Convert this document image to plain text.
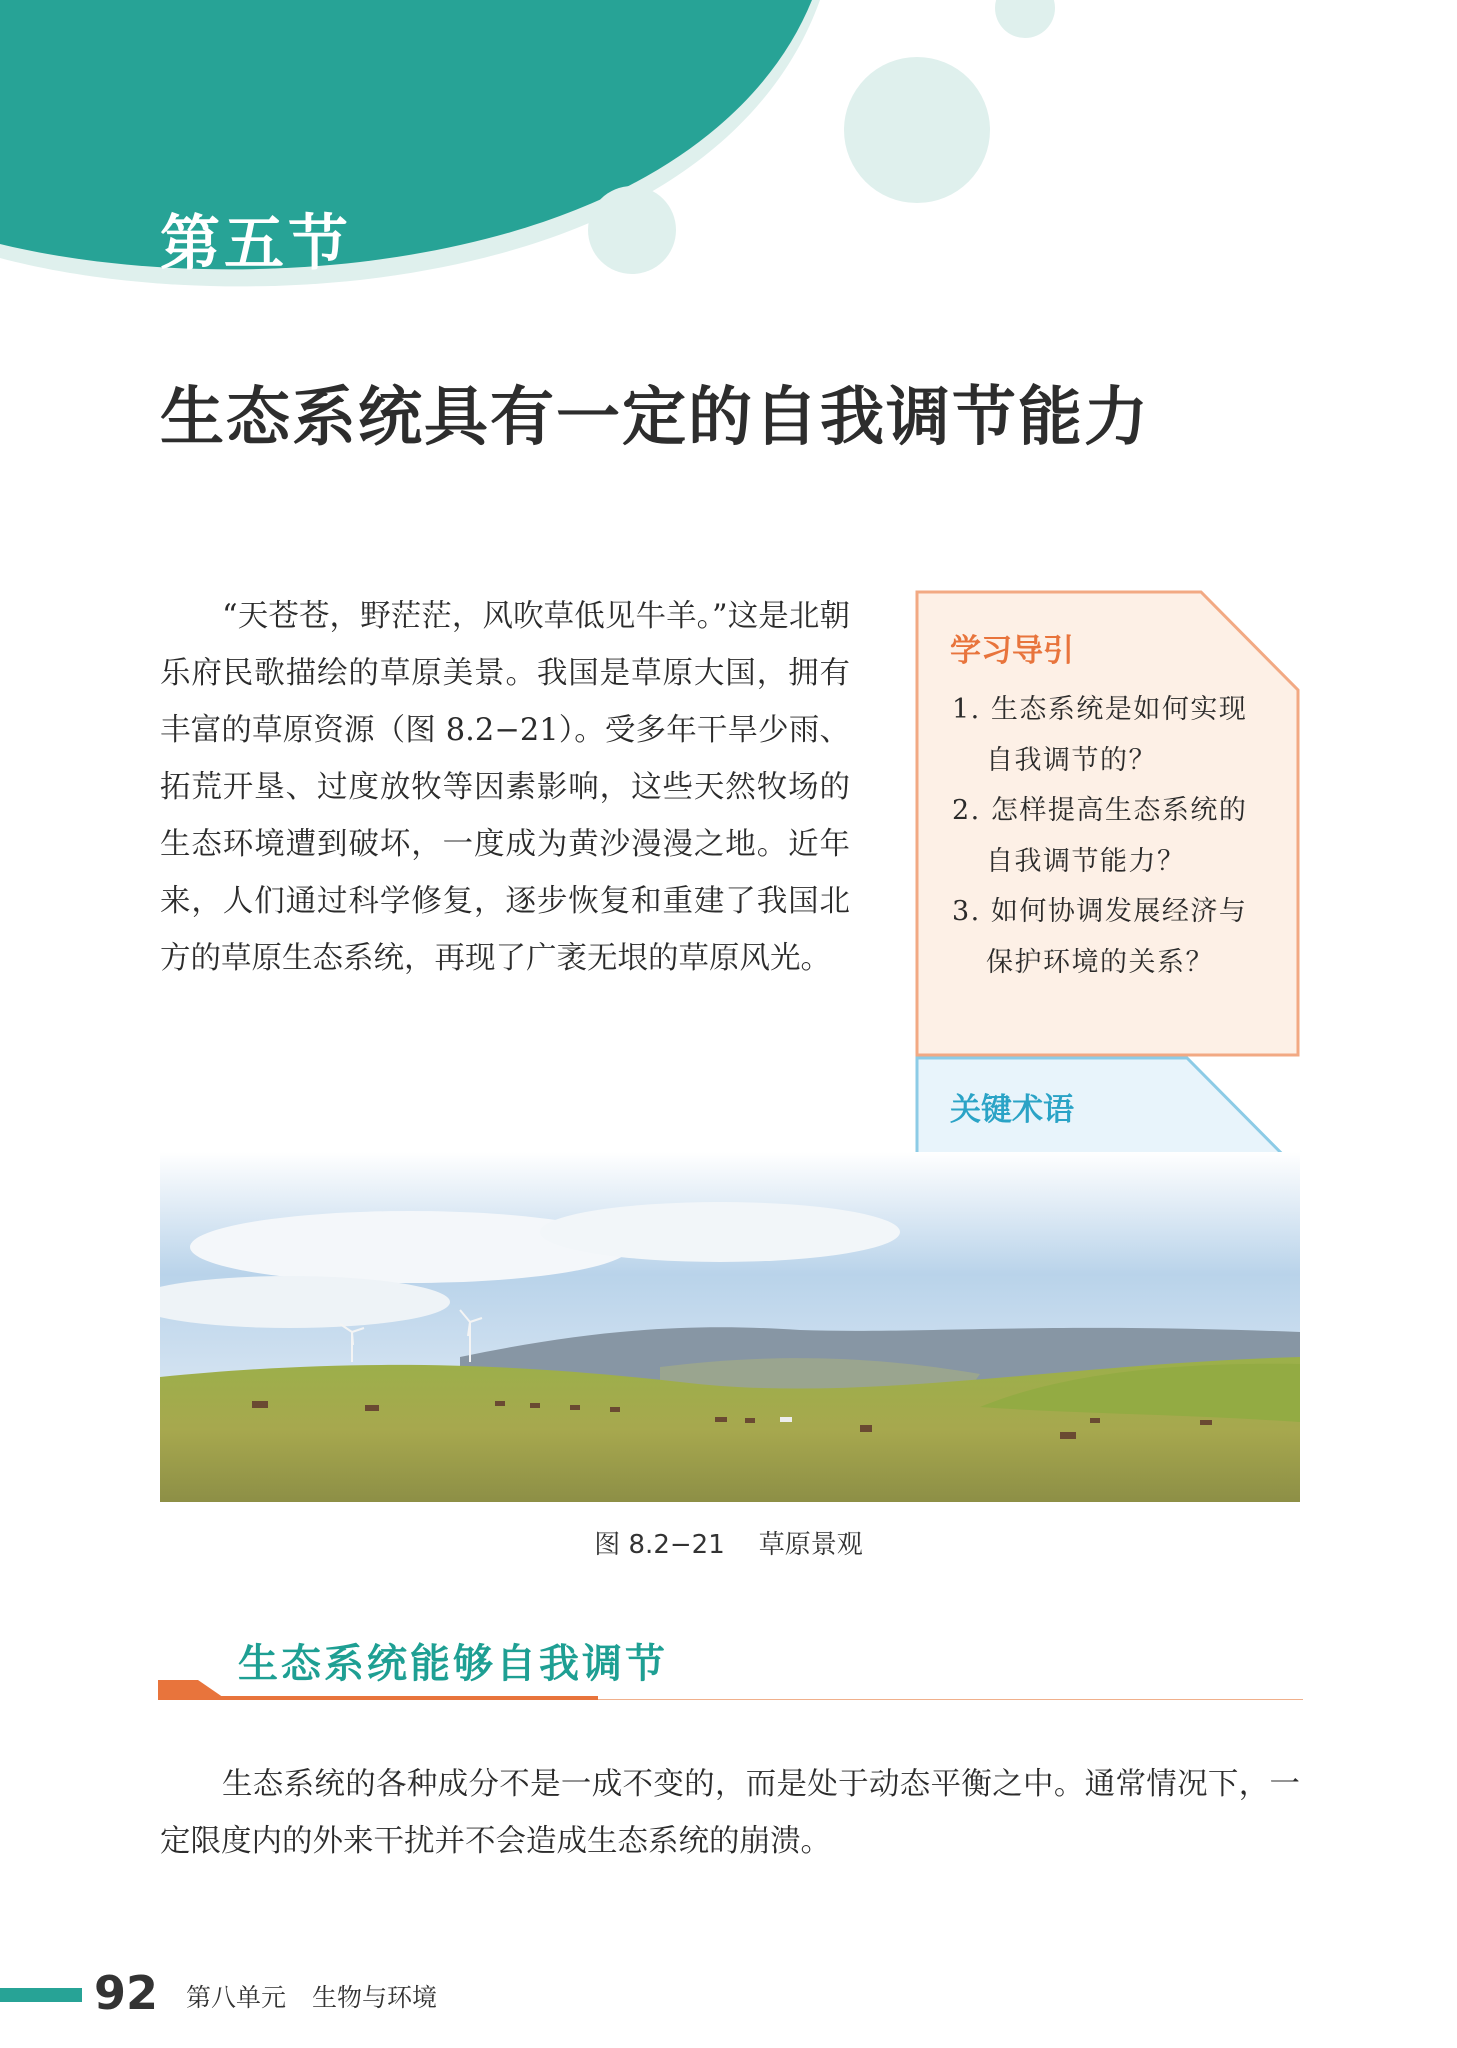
第五节
生态系统具有一定的自我调节能力

“天苍苍，野茫茫，风吹草低见牛羊。”这是北朝乐府民歌描绘的草原美景。我国是草原大国，拥有丰富的草原资源（图 8.2−21）。受多年干旱少雨、拓荒开垦、过度放牧等因素影响，这些天然牧场的生态环境遭到破坏，一度成为黄沙漫漫之地。近年来，人们通过科学修复，逐步恢复和重建了我国北方的草原生态系统，再现了广袤无垠的草原风光。

学习导引
1. 生态系统是如何实现自我调节的？
2. 怎样提高生态系统的自我调节能力？
3. 如何协调发展经济与保护环境的关系？
关键术语

图 8.2−21 草原景观

生态系统能够自我调节

生态系统的各种成分不是一成不变的，而是处于动态平衡之中。通常情况下，一定限度内的外来干扰并不会造成生态系统的崩溃。

92 第八单元 生物与环境
